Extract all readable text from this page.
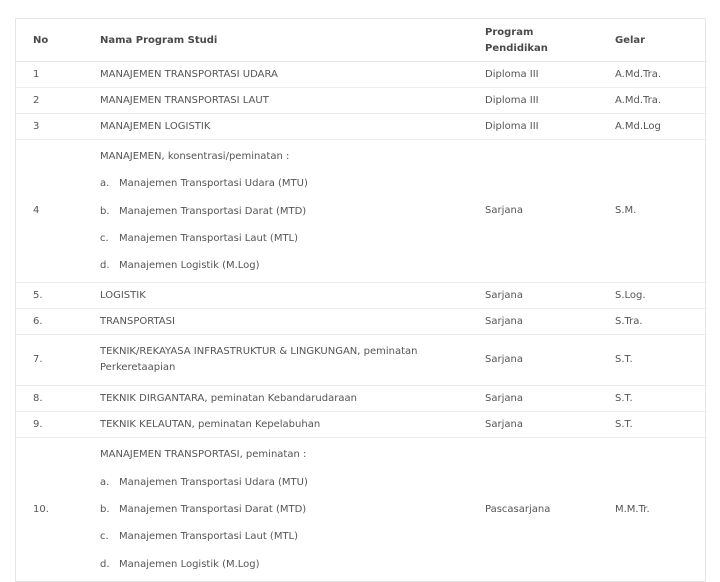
No	Nama Program Studi	Program Pendidikan	Gelar
1	MANAJEMEN TRANSPORTASI UDARA	Diploma III	A.Md.Tra.
2	MANAJEMEN TRANSPORTASI LAUT	Diploma III	A.Md.Tra.
3	MANAJEMEN LOGISTIK	Diploma III	A.Md.Log
4	MANAJEMEN, konsentrasi/peminatan :
a. Manajemen Transportasi Udara (MTU)
b. Manajemen Transportasi Darat (MTD)
c. Manajemen Transportasi Laut (MTL)
d. Manajemen Logistik (M.Log)	Sarjana	S.M.
5.	LOGISTIK	Sarjana	S.Log.
6.	TRANSPORTASI	Sarjana	S.Tra.
7.	TEKNIK/REKAYASA INFRASTRUKTUR & LINGKUNGAN, peminatan Perkeretaapian	Sarjana	S.T.
8.	TEKNIK DIRGANTARA, peminatan Kebandarudaraan	Sarjana	S.T.
9.	TEKNIK KELAUTAN, peminatan Kepelabuhan	Sarjana	S.T.
10.	MANAJEMEN TRANSPORTASI, peminatan :
a. Manajemen Transportasi Udara (MTU)
b. Manajemen Transportasi Darat (MTD)
c. Manajemen Transportasi Laut (MTL)
d. Manajemen Logistik (M.Log)	Pascasarjana	M.M.Tr.
